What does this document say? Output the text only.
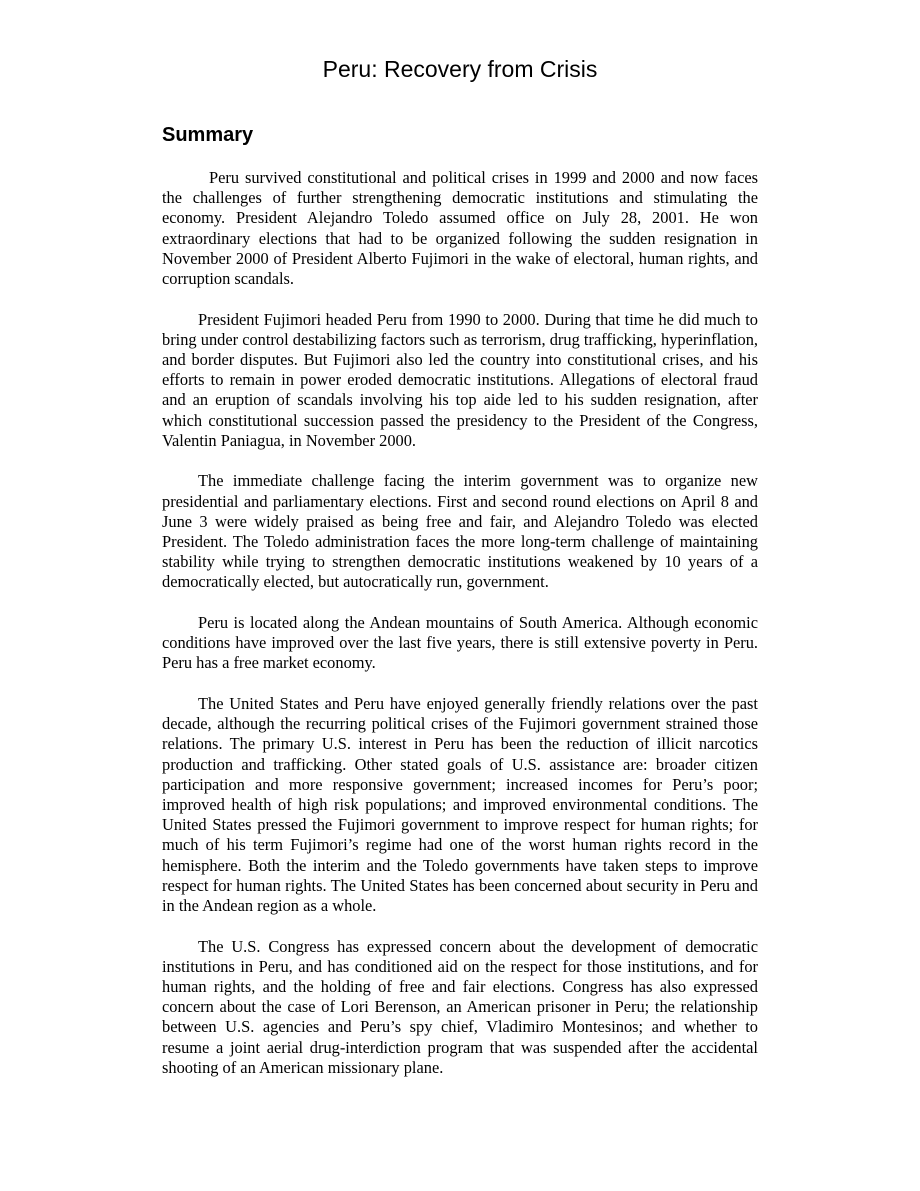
Peru: Recovery from Crisis
Summary

Peru survived constitutional and political crises in 1999 and 2000 and now faces the challenges of further strengthening democratic institutions and stimulating the economy. President Alejandro Toledo assumed office on July 28, 2001. He won extraordinary elections that had to be organized following the sudden resignation in November 2000 of President Alberto Fujimori in the wake of electoral, human rights, and corruption scandals.

President Fujimori headed Peru from 1990 to 2000. During that time he did much to bring under control destabilizing factors such as terrorism, drug trafficking, hyperinflation, and border disputes. But Fujimori also led the country into constitutional crises, and his efforts to remain in power eroded democratic institutions. Allegations of electoral fraud and an eruption of scandals involving his top aide led to his sudden resignation, after which constitutional succession passed the presidency to the President of the Congress, Valentin Paniagua, in November 2000.

The immediate challenge facing the interim government was to organize new presidential and parliamentary elections. First and second round elections on April 8 and June 3 were widely praised as being free and fair, and Alejandro Toledo was elected President. The Toledo administration faces the more long-term challenge of maintaining stability while trying to strengthen democratic institutions weakened by 10 years of a democratically elected, but autocratically run, government.

Peru is located along the Andean mountains of South America. Although economic conditions have improved over the last five years, there is still extensive poverty in Peru. Peru has a free market economy.

The United States and Peru have enjoyed generally friendly relations over the past decade, although the recurring political crises of the Fujimori government strained those relations. The primary U.S. interest in Peru has been the reduction of illicit narcotics production and trafficking. Other stated goals of U.S. assistance are: broader citizen participation and more responsive government; increased incomes for Peru’s poor; improved health of high risk populations; and improved environmental conditions. The United States pressed the Fujimori government to improve respect for human rights; for much of his term Fujimori’s regime had one of the worst human rights record in the hemisphere. Both the interim and the Toledo governments have taken steps to improve respect for human rights. The United States has been concerned about security in Peru and in the Andean region as a whole.

The U.S. Congress has expressed concern about the development of democratic institutions in Peru, and has conditioned aid on the respect for those institutions, and for human rights, and the holding of free and fair elections. Congress has also expressed concern about the case of Lori Berenson, an American prisoner in Peru; the relationship between U.S. agencies and Peru’s spy chief, Vladimiro Montesinos; and whether to resume a joint aerial drug-interdiction program that was suspended after the accidental shooting of an American missionary plane.
